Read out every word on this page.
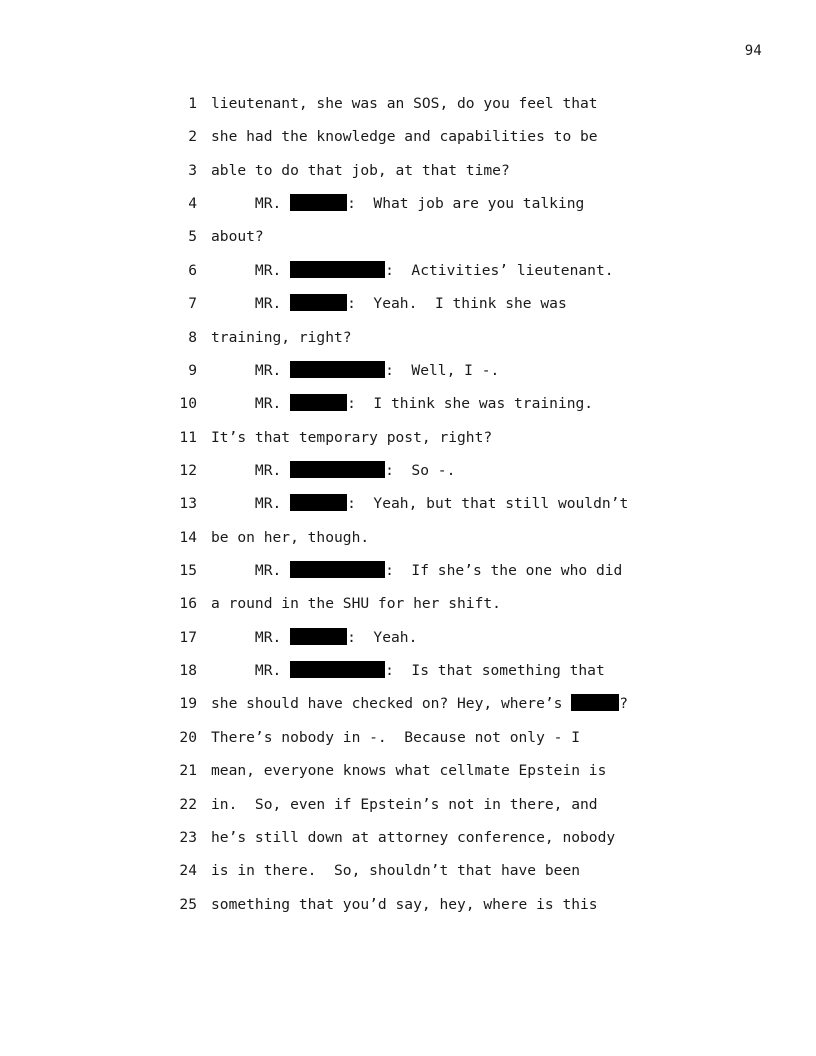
94
1 lieutenant, she was an SOS, do you feel that
2 she had the knowledge and capabilities to be
3 able to do that job, at that time?
4 MR.	:  What job are you talking
5 about?
6 MR.	:  Activities’ lieutenant.
7 MR.	:  Yeah.  I think she was
8 training, right?
9 MR.	:  Well, I -.
10 MR.	:  I think she was training.
11 It’s that temporary post, right?
12 MR.	:  So -.
13 MR.	:  Yeah, but that still wouldn’t
14 be on her, though.
15 MR.	:  If she’s the one who did
16 a round in the SHU for her shift.
17 MR.	:  Yeah.
18 MR.	:  Is that something that
19 she should have checked on? Hey, where’s	?
20 There’s nobody in -.  Because not only - I
21 mean, everyone knows what cellmate Epstein is
22 in.  So, even if Epstein’s not in there, and
23 he’s still down at attorney conference, nobody
24 is in there.  So, shouldn’t that have been
25 something that you’d say, hey, where is this
